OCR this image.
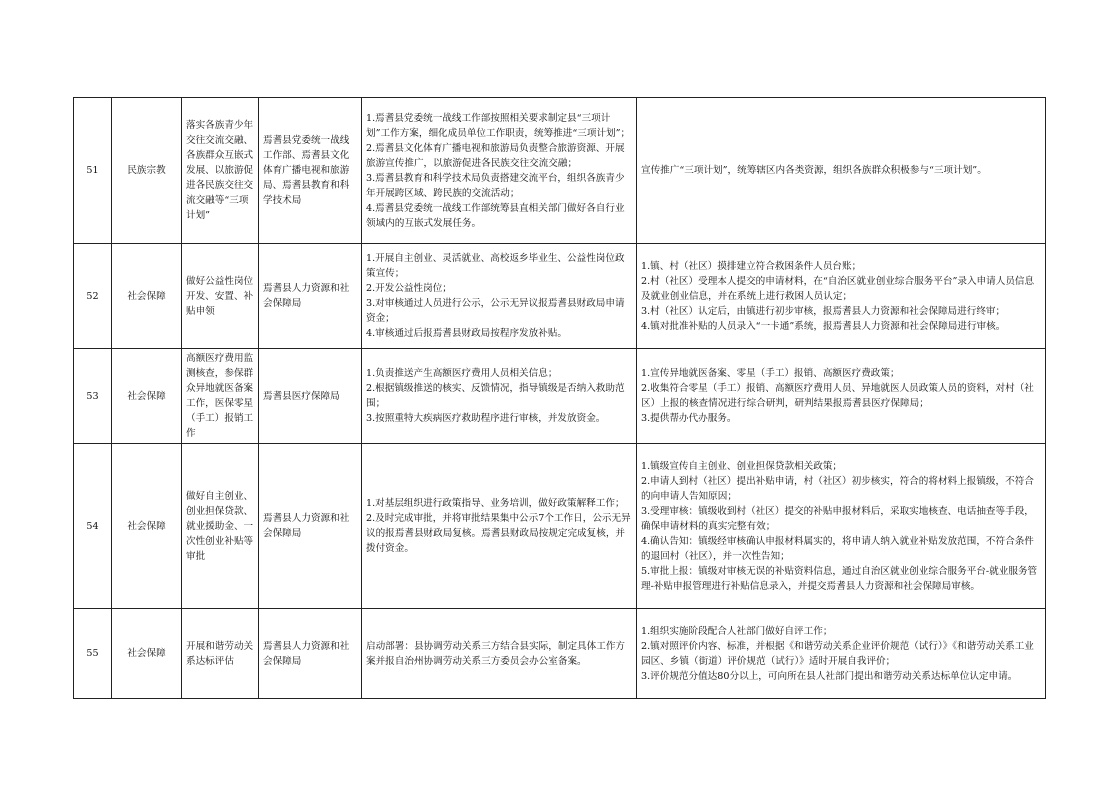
51	民族宗教	落实各族青少年交往交流交融、各族群众互嵌式发展、以旅游促进各民族交往交流交融等“三项计划”	焉耆县党委统一战线工作部、焉耆县文化体育广播电视和旅游局、焉耆县教育和科学技术局	1.焉耆县党委统一战线工作部按照相关要求制定县“三项计划”工作方案，细化成员单位工作职责，统筹推进“三项计划”；
2.焉耆县文化体育广播电视和旅游局负责整合旅游资源、开展旅游宣传推广，以旅游促进各民族交往交流交融；
3.焉耆县教育和科学技术局负责搭建交流平台，组织各族青少年开展跨区域、跨民族的交流活动；
4.焉耆县党委统一战线工作部统筹县直相关部门做好各自行业领域内的互嵌式发展任务。	宣传推广“三项计划”，统筹辖区内各类资源，组织各族群众积极参与“三项计划”。

52	社会保障	做好公益性岗位开发、安置、补贴申领	焉耆县人力资源和社会保障局	1.开展自主创业、灵活就业、高校返乡毕业生、公益性岗位政策宣传；
2.开发公益性岗位；
3.对审核通过人员进行公示，公示无异议报焉耆县财政局申请资金；
4.审核通过后报焉耆县财政局按程序发放补贴。	1.镇、村（社区）摸排建立符合救困条件人员台账；
2.村（社区）受理本人提交的申请材料，在“自治区就业创业综合服务平台”录入申请人员信息及就业创业信息，并在系统上进行救困人员认定；
3.村（社区）认定后，由镇进行初步审核，报焉耆县人力资源和社会保障局进行终审；
4.镇对批准补贴的人员录入“一卡通”系统，报焉耆县人力资源和社会保障局进行审核。

53	社会保障	高额医疗费用监测核查，参保群众异地就医备案工作，医保零星（手工）报销工作	焉耆县医疗保障局	1.负责推送产生高额医疗费用人员相关信息；
2.根据镇级推送的核实、反馈情况，指导镇级是否纳入救助范围；
3.按照重特大疾病医疗救助程序进行审核，并发放资金。	1.宣传异地就医备案、零星（手工）报销、高额医疗费政策；
2.收集符合零星（手工）报销、高额医疗费用人员、异地就医人员政策人员的资料，对村（社区）上报的核查情况进行综合研判，研判结果报焉耆县医疗保障局；
3.提供帮办代办服务。

54	社会保障	做好自主创业、创业担保贷款、就业援助金、一次性创业补贴等审批	焉耆县人力资源和社会保障局	1.对基层组织进行政策指导、业务培训，做好政策解释工作；
2.及时完成审批，并将审批结果集中公示7个工作日，公示无异议的报焉耆县财政局复核。焉耆县财政局按规定完成复核，并拨付资金。	1.镇级宣传自主创业、创业担保贷款相关政策；
2.申请人到村（社区）提出补贴申请，村（社区）初步核实，符合的将材料上报镇级，不符合的向申请人告知原因；
3.受理审核：镇级收到村（社区）提交的补贴申报材料后，采取实地核查、电话抽查等手段，确保申请材料的真实完整有效；
4.确认告知：镇级经审核确认申报材料属实的，将申请人纳入就业补贴发放范围，不符合条件的退回村（社区），并一次性告知；
5.审批上报：镇级对审核无误的补贴资料信息，通过自治区就业创业综合服务平台-就业服务管理-补贴申报管理进行补贴信息录入，并提交焉耆县人力资源和社会保障局审核。

55	社会保障	开展和谐劳动关系达标评估	焉耆县人力资源和社会保障局	启动部署：县协调劳动关系三方结合县实际，制定具体工作方案并报自治州协调劳动关系三方委员会办公室备案。	1.组织实施阶段配合人社部门做好自评工作；
2.镇对照评价内容、标准，并根据《和谐劳动关系企业评价规范（试行）》《和谐劳动关系工业园区、乡镇（街道）评价规范（试行）》适时开展自我评价；
3.评价规范分值达80分以上，可向所在县人社部门提出和谐劳动关系达标单位认定申请。
